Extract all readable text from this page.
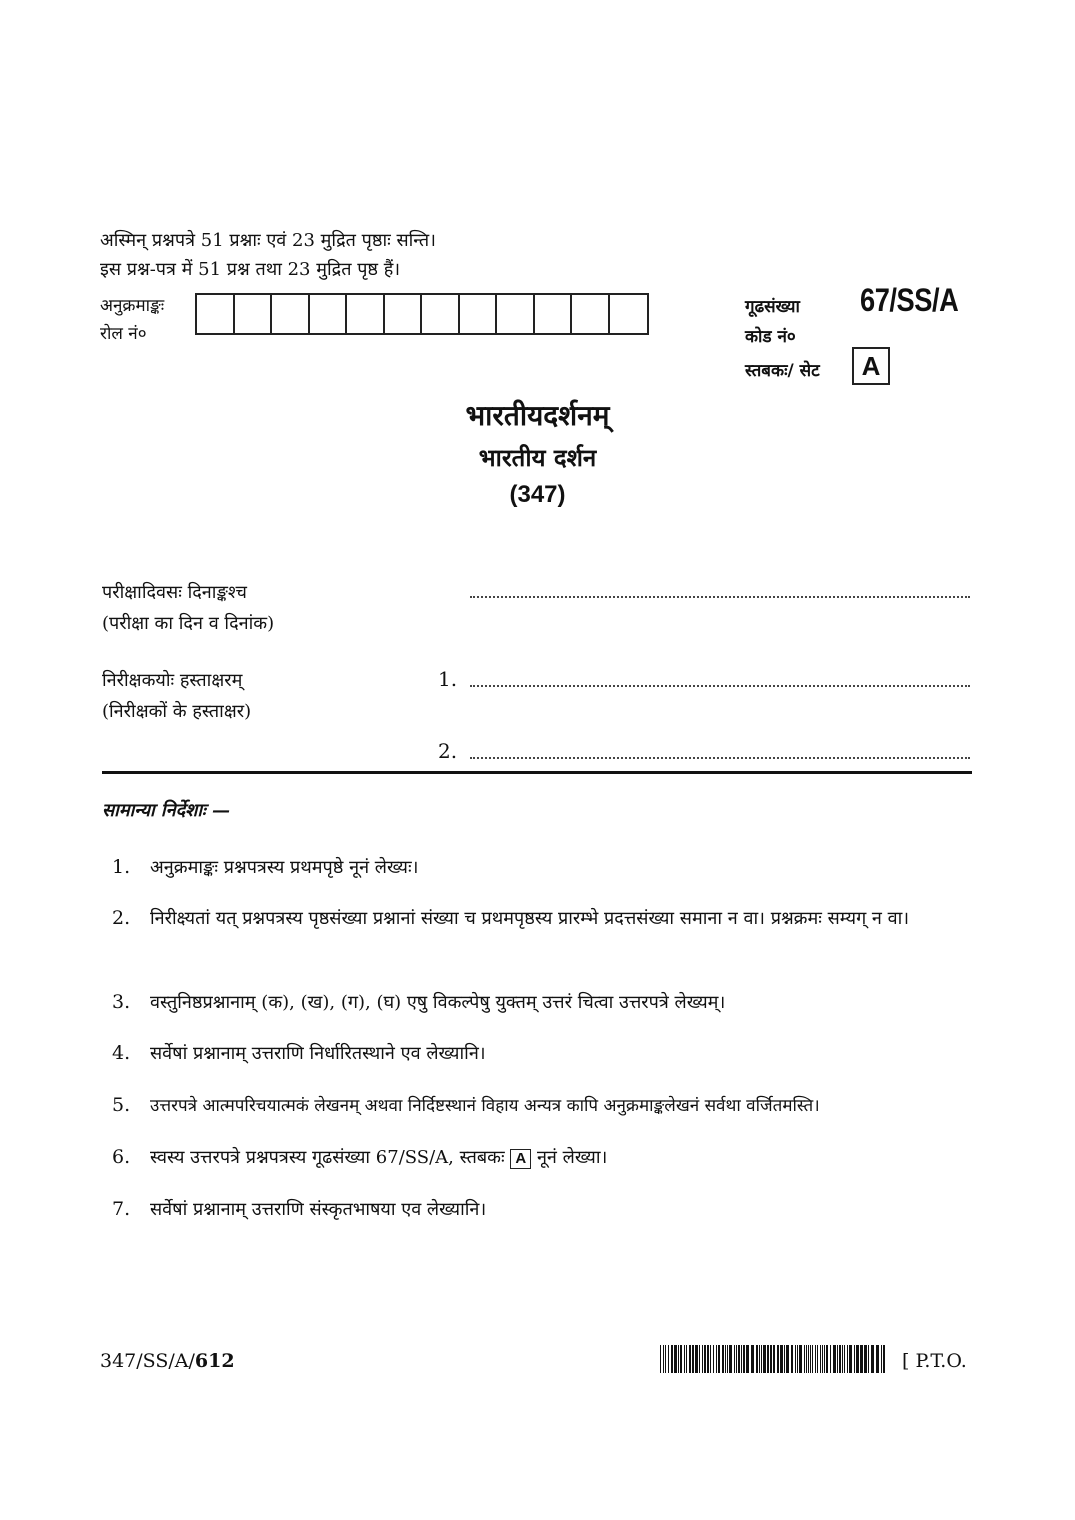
अस्मिन् प्रश्नपत्रे 51 प्रश्नाः एवं 23 मुद्रित पृष्ठाः सन्ति।
इस प्रश्न-पत्र में 51 प्रश्न तथा 23 मुद्रित पृष्ठ हैं।
अनुक्रमाङ्कः
रोल नं०
गूढसंख्या
कोड नं०
67/SS/A
स्तबकः/ सेट	A
भारतीयदर्शनम्
भारतीय दर्शन
(347)
परीक्षादिवसः दिनाङ्कश्च
(परीक्षा का दिन व दिनांक)
निरीक्षकयोः हस्ताक्षरम्
(निरीक्षकों के हस्ताक्षर)
1.
2.
सामान्या निर्देशाः —
1. अनुक्रमाङ्कः प्रश्नपत्रस्य प्रथमपृष्ठे नूनं लेख्यः।
2. निरीक्ष्यतां यत् प्रश्नपत्रस्य पृष्ठसंख्या प्रश्नानां संख्या च प्रथमपृष्ठस्य प्रारम्भे प्रदत्तसंख्या समाना न वा। प्रश्नक्रमः सम्यग् न वा।
3. वस्तुनिष्ठप्रश्नानाम् (क), (ख), (ग), (घ) एषु विकल्पेषु युक्तम् उत्तरं चित्वा उत्तरपत्रे लेख्यम्।
4. सर्वेषां प्रश्नानाम् उत्तराणि निर्धारितस्थाने एव लेख्यानि।
5. उत्तरपत्रे आत्मपरिचयात्मकं लेखनम् अथवा निर्दिष्टस्थानं विहाय अन्यत्र कापि अनुक्रमाङ्कलेखनं सर्वथा वर्जितमस्ति।
6. स्वस्य उत्तरपत्रे प्रश्नपत्रस्य गूढसंख्या 67/SS/A, स्तबकः A नूनं लेख्या।
7. सर्वेषां प्रश्नानाम् उत्तराणि संस्कृतभाषया एव लेख्यानि।
347/SS/A/612	[ P.T.O.
